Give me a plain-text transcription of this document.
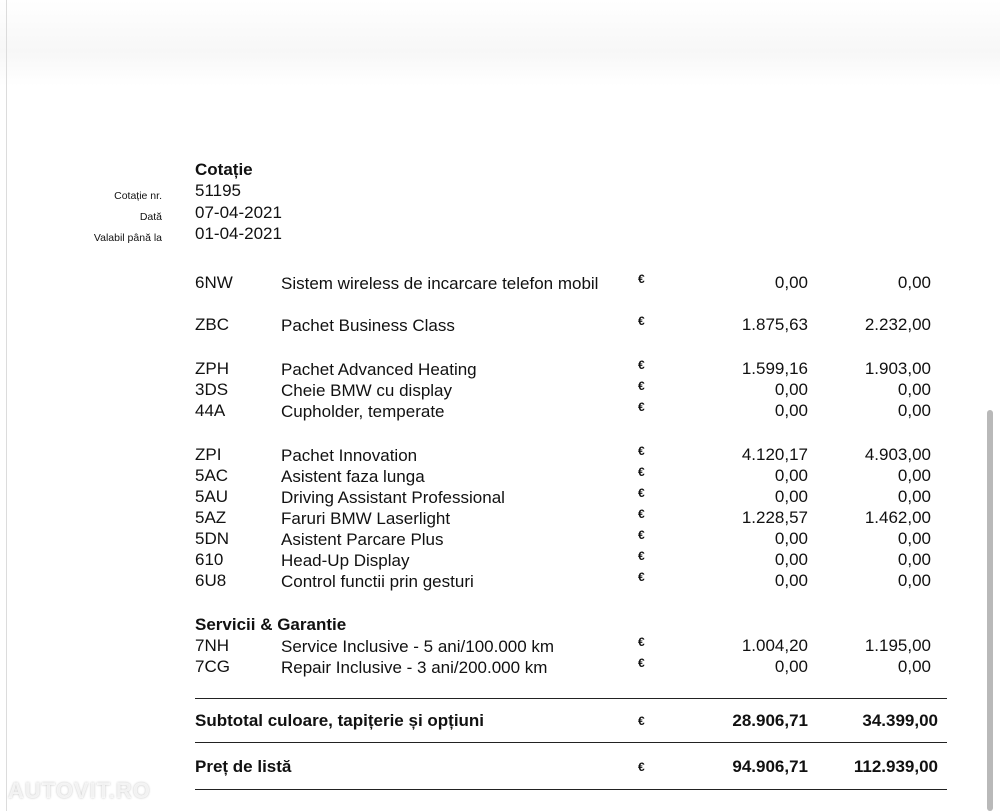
Cotație
Cotație nr. 51195
Dată 07-04-2021
Valabil până la 01-04-2021
6NW	Sistem wireless de incarcare telefon mobil	€	0,00	0,00
ZBC	Pachet Business Class	€	1.875,63	2.232,00
ZPH	Pachet Advanced Heating	€	1.599,16	1.903,00
3DS	Cheie BMW cu display	€	0,00	0,00
44A	Cupholder, temperate	€	0,00	0,00
ZPI	Pachet Innovation	€	4.120,17	4.903,00
5AC	Asistent faza lunga	€	0,00	0,00
5AU	Driving Assistant Professional	€	0,00	0,00
5AZ	Faruri BMW Laserlight	€	1.228,57	1.462,00
5DN	Asistent Parcare Plus	€	0,00	0,00
610	Head-Up Display	€	0,00	0,00
6U8	Control functii prin gesturi	€	0,00	0,00
Servicii & Garantie
7NH	Service Inclusive - 5 ani/100.000 km	€	1.004,20	1.195,00
7CG	Repair Inclusive - 3 ani/200.000 km	€	0,00	0,00
Subtotal culoare, tapițerie și opțiuni	€	28.906,71	34.399,00
Preț de listă	€	94.906,71	112.939,00
AUTOVIT.RO
